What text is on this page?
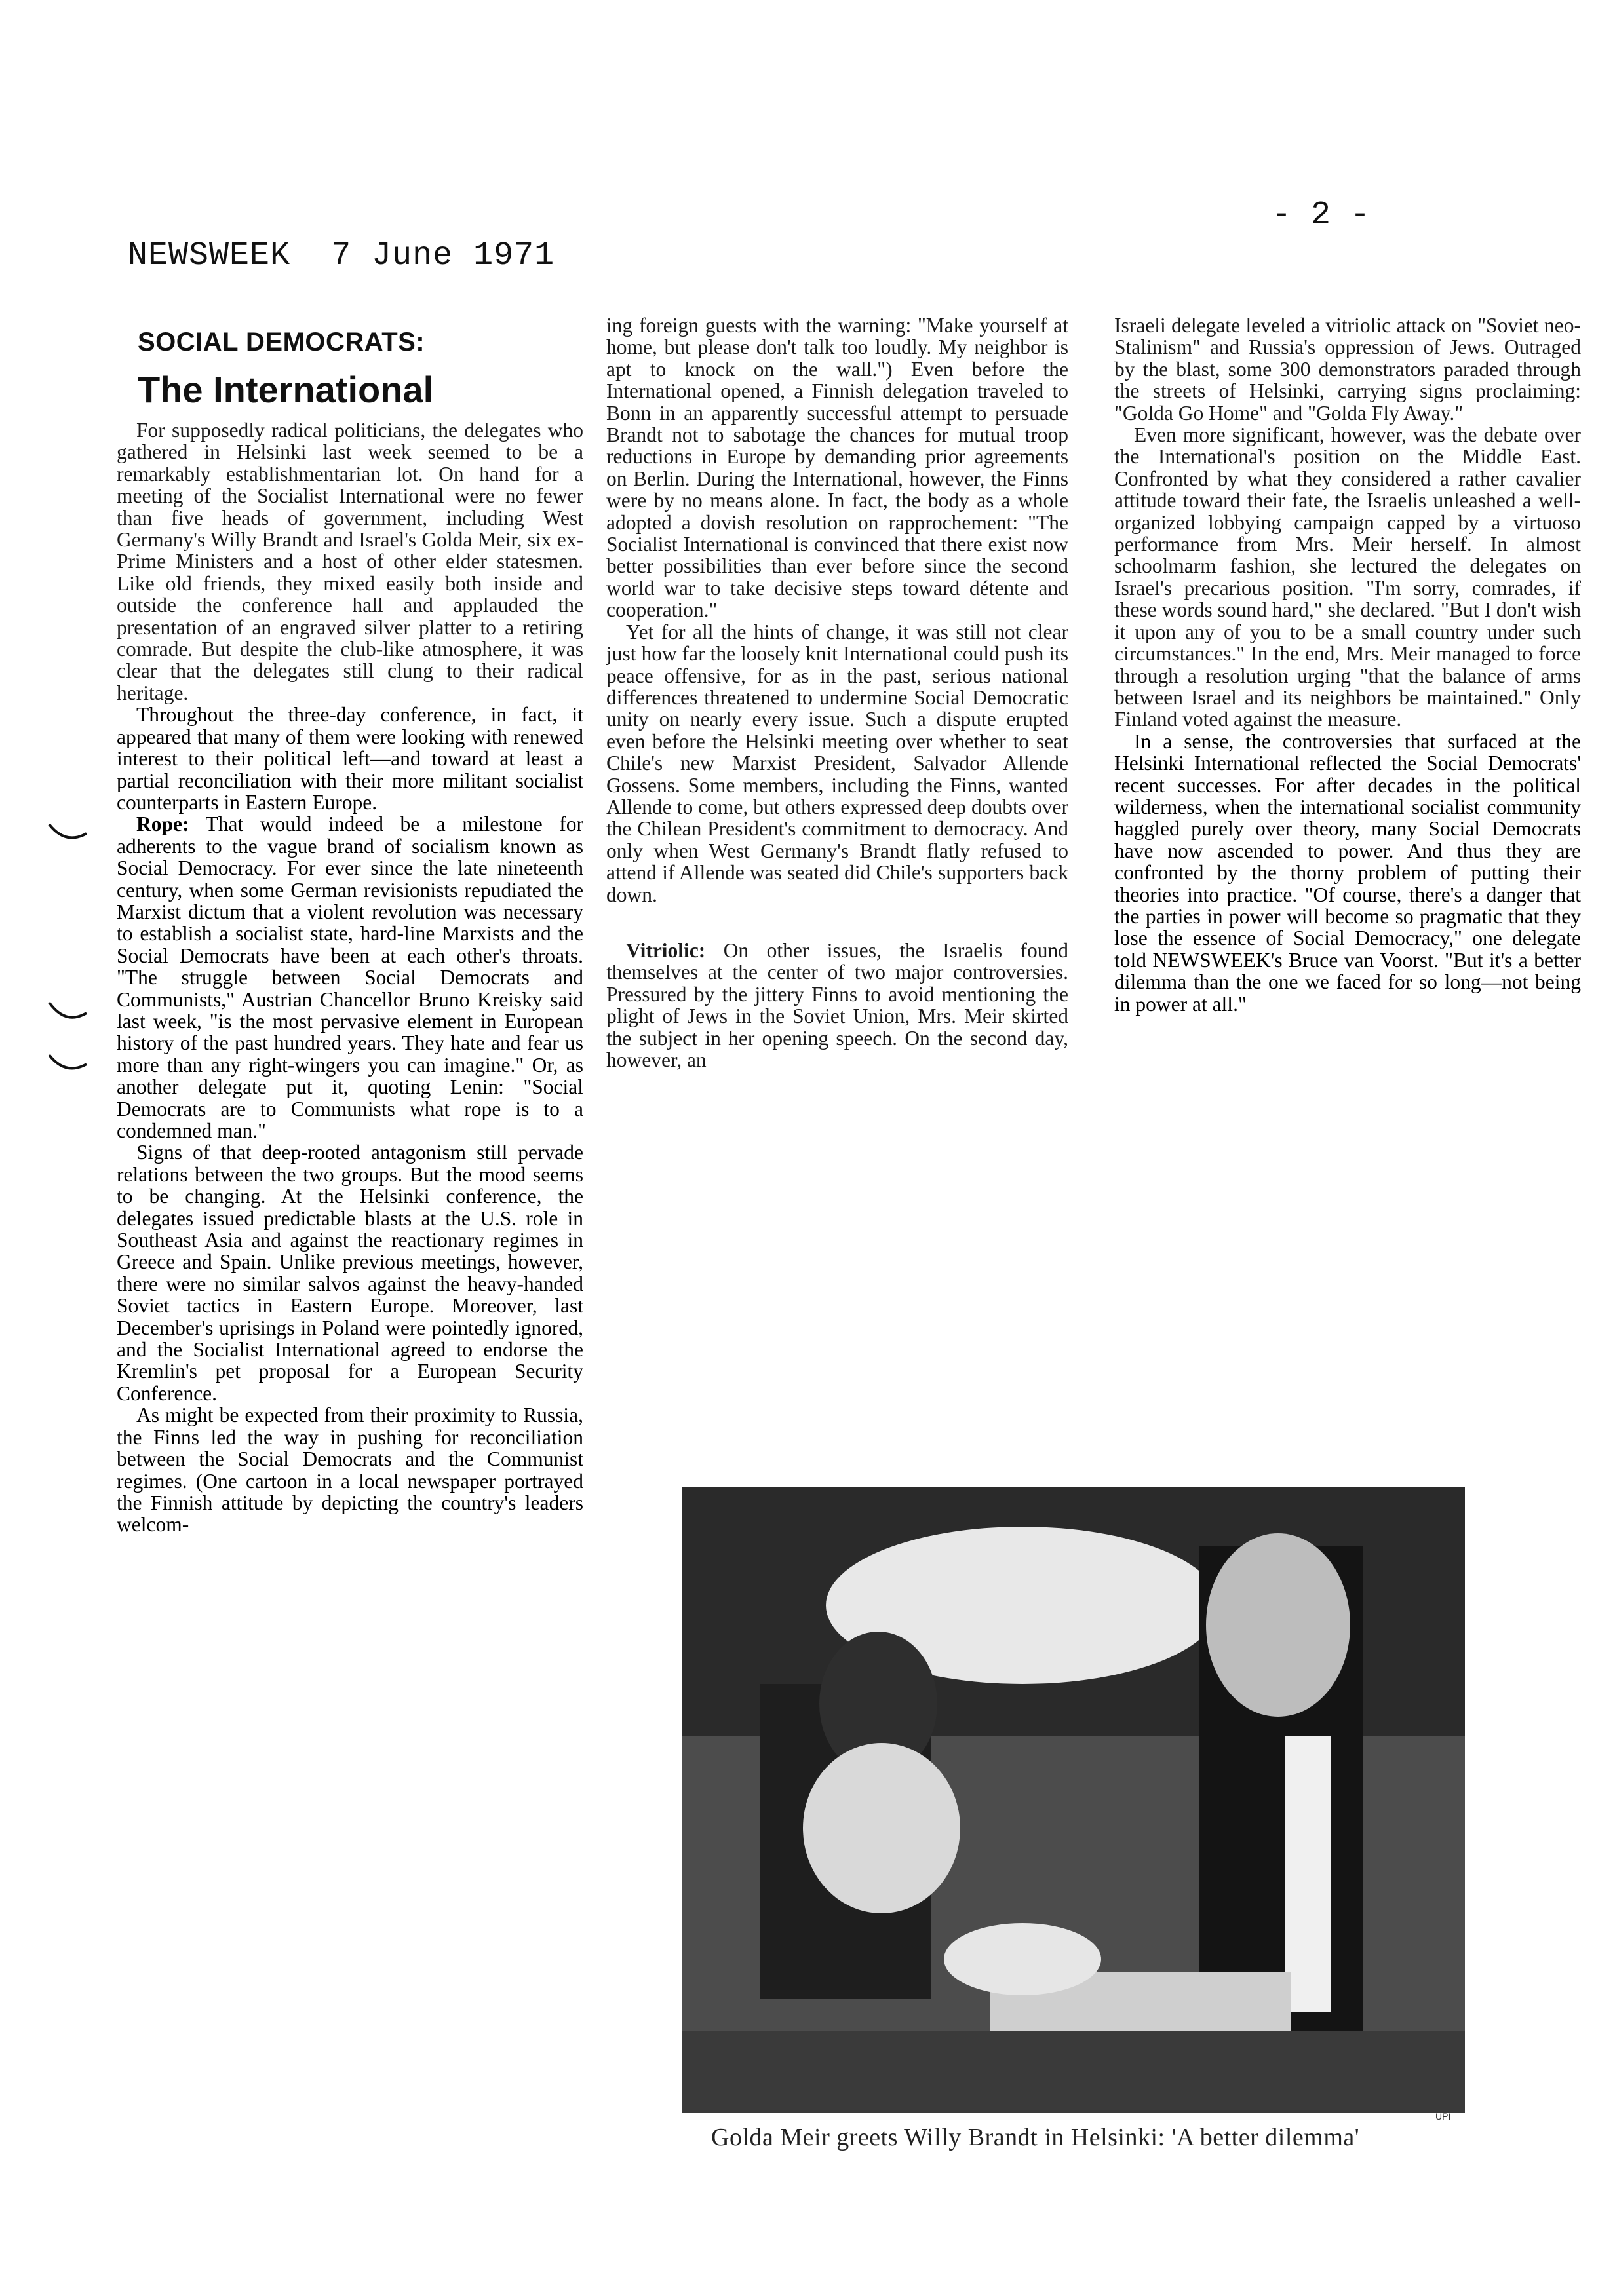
- 2 -
NEWSWEEK 7 June 1971
SOCIAL DEMOCRATS:
The International

For supposedly radical politicians, the delegates who gathered in Helsinki last week seemed to be a remarkably establishmentarian lot. On hand for a meeting of the Socialist International were no fewer than five heads of government, including West Germany's Willy Brandt and Israel's Golda Meir, six ex-Prime Ministers and a host of other elder statesmen. Like old friends, they mixed easily both inside and outside the conference hall and applauded the presentation of an engraved silver platter to a retiring comrade. But despite the club-like atmosphere, it was clear that the delegates still clung to their radical heritage.

Throughout the three-day conference, in fact, it appeared that many of them were looking with renewed interest to their political left—and toward at least a partial reconciliation with their more militant socialist counterparts in Eastern Europe.

Rope: That would indeed be a milestone for adherents to the vague brand of socialism known as Social Democracy. For ever since the late nineteenth century, when some German revisionists repudiated the Marxist dictum that a violent revolution was necessary to establish a socialist state, hard-line Marxists and the Social Democrats have been at each other's throats. "The struggle between Social Democrats and Communists," Austrian Chancellor Bruno Kreisky said last week, "is the most pervasive element in European history of the past hundred years. They hate and fear us more than any right-wingers you can imagine." Or, as another delegate put it, quoting Lenin: "Social Democrats are to Communists what rope is to a condemned man."

Signs of that deep-rooted antagonism still pervade relations between the two groups. But the mood seems to be changing. At the Helsinki conference, the delegates issued predictable blasts at the U.S. role in Southeast Asia and against the reactionary regimes in Greece and Spain. Unlike previous meetings, however, there were no similar salvos against the heavy-handed Soviet tactics in Eastern Europe. Moreover, last December's uprisings in Poland were pointedly ignored, and the Socialist International agreed to endorse the Kremlin's pet proposal for a European Security Conference.

As might be expected from their proximity to Russia, the Finns led the way in pushing for reconciliation between the Social Democrats and the Communist regimes. (One cartoon in a local newspaper portrayed the Finnish attitude by depicting the country's leaders welcom-

ing foreign guests with the warning: "Make yourself at home, but please don't talk too loudly. My neighbor is apt to knock on the wall.") Even before the International opened, a Finnish delegation traveled to Bonn in an apparently successful attempt to persuade Brandt not to sabotage the chances for mutual troop reductions in Europe by demanding prior agreements on Berlin. During the International, however, the Finns were by no means alone. In fact, the body as a whole adopted a dovish resolution on rapprochement: "The Socialist International is convinced that there exist now better possibilities than ever before since the second world war to take decisive steps toward détente and cooperation."

Yet for all the hints of change, it was still not clear just how far the loosely knit International could push its peace offensive, for as in the past, serious national differences threatened to undermine Social Democratic unity on nearly every issue. Such a dispute erupted even before the Helsinki meeting over whether to seat Chile's new Marxist President, Salvador Allende Gossens. Some members, including the Finns, wanted Allende to come, but others expressed deep doubts over the Chilean President's commitment to democracy. And only when West Germany's Brandt flatly refused to attend if Allende was seated did Chile's supporters back down.

Vitriolic: On other issues, the Israelis found themselves at the center of two major controversies. Pressured by the jittery Finns to avoid mentioning the plight of Jews in the Soviet Union, Mrs. Meir skirted the subject in her opening speech. On the second day, however, an

Israeli delegate leveled a vitriolic attack on "Soviet neo-Stalinism" and Russia's oppression of Jews. Outraged by the blast, some 300 demonstrators paraded through the streets of Helsinki, carrying signs proclaiming: "Golda Go Home" and "Golda Fly Away."

Even more significant, however, was the debate over the International's position on the Middle East. Confronted by what they considered a rather cavalier attitude toward their fate, the Israelis unleashed a well-organized lobbying campaign capped by a virtuoso performance from Mrs. Meir herself. In almost schoolmarm fashion, she lectured the delegates on Israel's precarious position. "I'm sorry, comrades, if these words sound hard," she declared. "But I don't wish it upon any of you to be a small country under such circumstances." In the end, Mrs. Meir managed to force through a resolution urging "that the balance of arms between Israel and its neighbors be maintained." Only Finland voted against the measure.

In a sense, the controversies that surfaced at the Helsinki International reflected the Social Democrats' recent successes. For after decades in the political wilderness, when the international socialist community haggled purely over theory, many Social Democrats have now ascended to power. And thus they are confronted by the thorny problem of putting their theories into practice. "Of course, there's a danger that the parties in power will become so pragmatic that they lose the essence of Social Democracy," one delegate told NEWSWEEK's Bruce van Voorst. "But it's a better dilemma than the one we faced for so long—not being in power at all."

UPI
Golda Meir greets Willy Brandt in Helsinki: 'A better dilemma'
